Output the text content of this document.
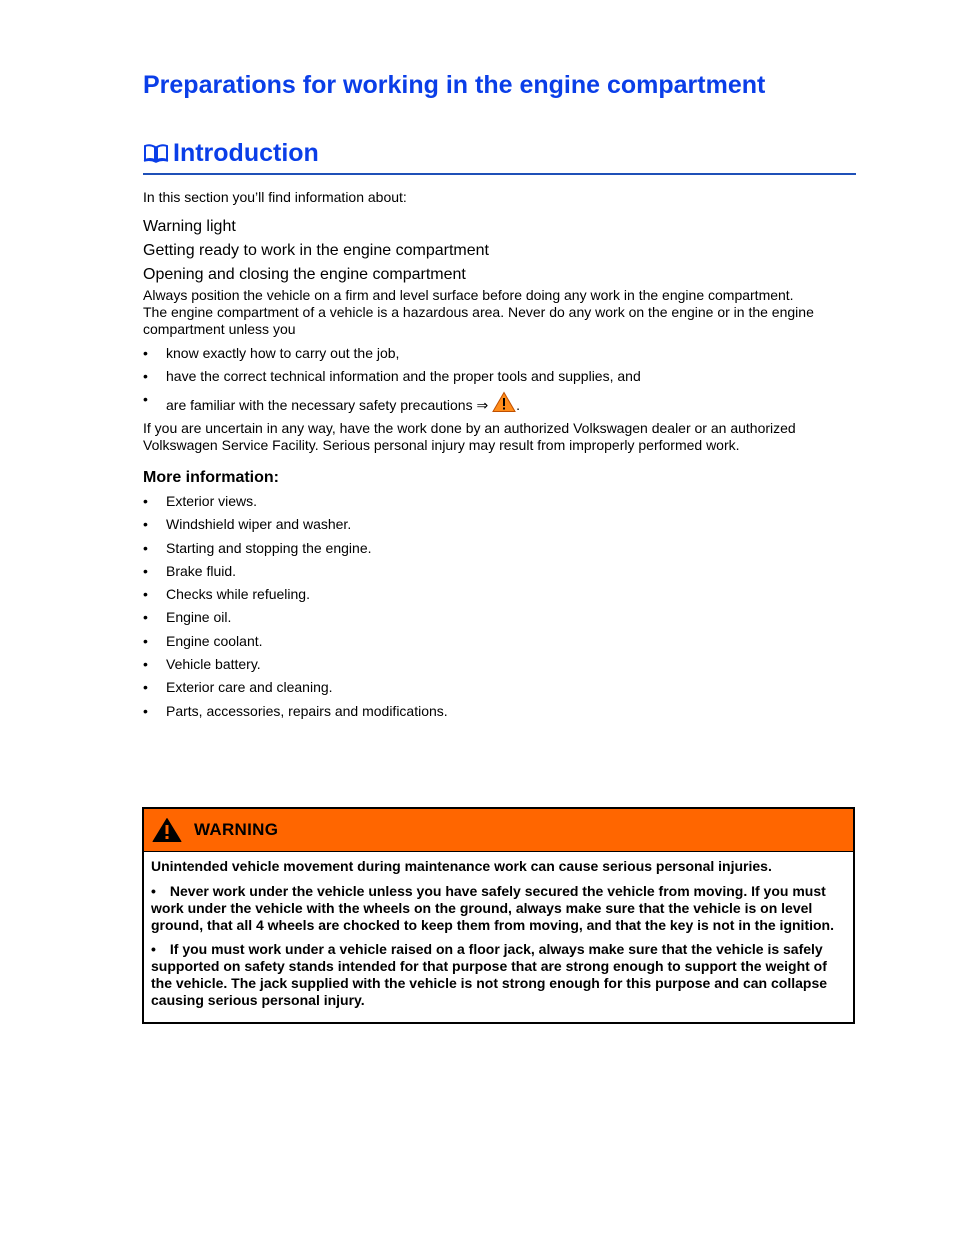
Preparations for working in the engine compartment
Introduction
In this section you’ll find information about:
Warning light
Getting ready to work in the engine compartment
Opening and closing the engine compartment

Always position the vehicle on a firm and level surface before doing any work in the engine compartment.

The engine compartment of a vehicle is a hazardous area. Never do any work on the engine or in the engine compartment unless you

• know exactly how to carry out the job,
• have the correct technical information and the proper tools and supplies, and
• are familiar with the necessary safety precautions ⇒ .

If you are uncertain in any way, have the work done by an authorized Volkswagen dealer or an authorized Volkswagen Service Facility. Serious personal injury may result from improperly performed work.

More information:
• Exterior views.
• Windshield wiper and washer.
• Starting and stopping the engine.
• Brake fluid.
• Checks while refueling.
• Engine oil.
• Engine coolant.
• Vehicle battery.
• Exterior care and cleaning.
• Parts, accessories, repairs and modifications.
WARNING
Unintended vehicle movement during maintenance work can cause serious personal injuries.
• Never work under the vehicle unless you have safely secured the vehicle from moving. If you must work under the vehicle with the wheels on the ground, always make sure that the vehicle is on level ground, that all 4 wheels are chocked to keep them from moving, and that the key is not in the ignition.
• If you must work under a vehicle raised on a floor jack, always make sure that the vehicle is safely supported on safety stands intended for that purpose that are strong enough to support the weight of the vehicle. The jack supplied with the vehicle is not strong enough for this purpose and can collapse causing serious personal injury.
